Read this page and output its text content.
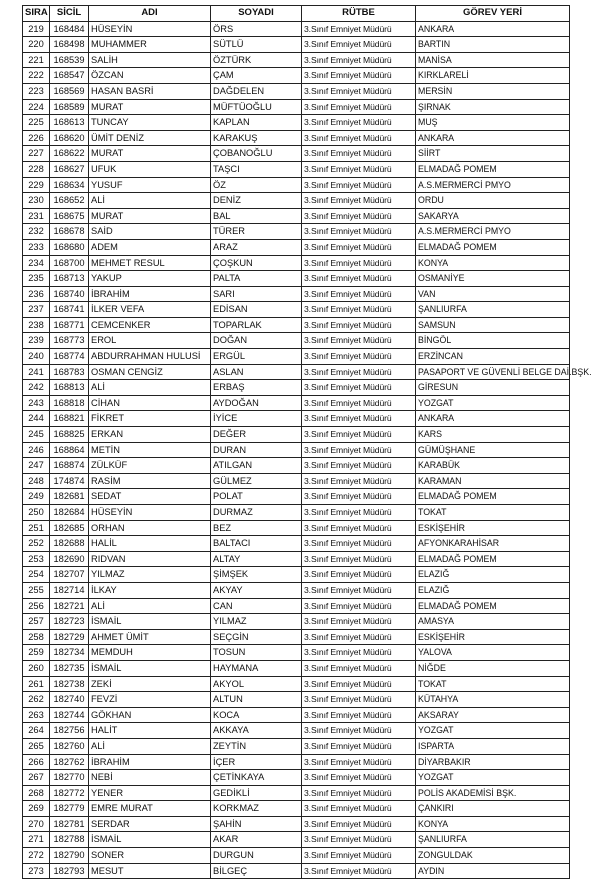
SIRA	SİCİL	ADI	SOYADI	RÜTBE	GÖREV YERİ
219	168484	HÜSEYİN	ÖRS	3.Sınıf Emniyet Müdürü	ANKARA
220	168498	MUHAMMER	SÜTLÜ	3.Sınıf Emniyet Müdürü	BARTIN
221	168539	SALİH	ÖZTÜRK	3.Sınıf Emniyet Müdürü	MANİSA
222	168547	ÖZCAN	ÇAM	3.Sınıf Emniyet Müdürü	KIRKLARELİ
223	168569	HASAN BASRİ	DAĞDELEN	3.Sınıf Emniyet Müdürü	MERSİN
224	168589	MURAT	MÜFTÜOĞLU	3.Sınıf Emniyet Müdürü	ŞIRNAK
225	168613	TUNCAY	KAPLAN	3.Sınıf Emniyet Müdürü	MUŞ
226	168620	ÜMİT DENİZ	KARAKUŞ	3.Sınıf Emniyet Müdürü	ANKARA
227	168622	MURAT	ÇOBANOĞLU	3.Sınıf Emniyet Müdürü	SİİRT
228	168627	UFUK	TAŞCI	3.Sınıf Emniyet Müdürü	ELMADAĞ POMEM
229	168634	YUSUF	ÖZ	3.Sınıf Emniyet Müdürü	A.S.MERMERCİ PMYO
230	168652	ALİ	DENİZ	3.Sınıf Emniyet Müdürü	ORDU
231	168675	MURAT	BAL	3.Sınıf Emniyet Müdürü	SAKARYA
232	168678	SAİD	TÜRER	3.Sınıf Emniyet Müdürü	A.S.MERMERCİ PMYO
233	168680	ADEM	ARAZ	3.Sınıf Emniyet Müdürü	ELMADAĞ POMEM
234	168700	MEHMET RESUL	ÇOŞKUN	3.Sınıf Emniyet Müdürü	KONYA
235	168713	YAKUP	PALTA	3.Sınıf Emniyet Müdürü	OSMANİYE
236	168740	İBRAHİM	SARI	3.Sınıf Emniyet Müdürü	VAN
237	168741	İLKER VEFA	EDİSAN	3.Sınıf Emniyet Müdürü	ŞANLIURFA
238	168771	CEMCENKER	TOPARLAK	3.Sınıf Emniyet Müdürü	SAMSUN
239	168773	EROL	DOĞAN	3.Sınıf Emniyet Müdürü	BİNGÖL
240	168774	ABDURRAHMAN HULUSİ	ERGÜL	3.Sınıf Emniyet Müdürü	ERZİNCAN
241	168783	OSMAN CENGİZ	ASLAN	3.Sınıf Emniyet Müdürü	PASAPORT VE GÜVENLİ BELGE DAİ.BŞK.
242	168813	ALİ	ERBAŞ	3.Sınıf Emniyet Müdürü	GİRESUN
243	168818	CİHAN	AYDOĞAN	3.Sınıf Emniyet Müdürü	YOZGAT
244	168821	FİKRET	İYİCE	3.Sınıf Emniyet Müdürü	ANKARA
245	168825	ERKAN	DEĞER	3.Sınıf Emniyet Müdürü	KARS
246	168864	METİN	DURAN	3.Sınıf Emniyet Müdürü	GÜMÜŞHANE
247	168874	ZÜLKÜF	ATILGAN	3.Sınıf Emniyet Müdürü	KARABÜK
248	174874	RASİM	GÜLMEZ	3.Sınıf Emniyet Müdürü	KARAMAN
249	182681	SEDAT	POLAT	3.Sınıf Emniyet Müdürü	ELMADAĞ POMEM
250	182684	HÜSEYİN	DURMAZ	3.Sınıf Emniyet Müdürü	TOKAT
251	182685	ORHAN	BEZ	3.Sınıf Emniyet Müdürü	ESKİŞEHİR
252	182688	HALİL	BALTACI	3.Sınıf Emniyet Müdürü	AFYONKARAHİSAR
253	182690	RIDVAN	ALTAY	3.Sınıf Emniyet Müdürü	ELMADAĞ POMEM
254	182707	YILMAZ	ŞİMŞEK	3.Sınıf Emniyet Müdürü	ELAZIĞ
255	182714	İLKAY	AKYAY	3.Sınıf Emniyet Müdürü	ELAZIĞ
256	182721	ALİ	CAN	3.Sınıf Emniyet Müdürü	ELMADAĞ POMEM
257	182723	İSMAİL	YILMAZ	3.Sınıf Emniyet Müdürü	AMASYA
258	182729	AHMET ÜMİT	SEÇGİN	3.Sınıf Emniyet Müdürü	ESKİŞEHİR
259	182734	MEMDUH	TOSUN	3.Sınıf Emniyet Müdürü	YALOVA
260	182735	İSMAİL	HAYMANA	3.Sınıf Emniyet Müdürü	NİĞDE
261	182738	ZEKİ	AKYOL	3.Sınıf Emniyet Müdürü	TOKAT
262	182740	FEVZİ	ALTUN	3.Sınıf Emniyet Müdürü	KÜTAHYA
263	182744	GÖKHAN	KOCA	3.Sınıf Emniyet Müdürü	AKSARAY
264	182756	HALİT	AKKAYA	3.Sınıf Emniyet Müdürü	YOZGAT
265	182760	ALİ	ZEYTİN	3.Sınıf Emniyet Müdürü	ISPARTA
266	182762	İBRAHİM	İÇER	3.Sınıf Emniyet Müdürü	DİYARBAKIR
267	182770	NEBİ	ÇETİNKAYA	3.Sınıf Emniyet Müdürü	YOZGAT
268	182772	YENER	GEDİKLİ	3.Sınıf Emniyet Müdürü	POLİS AKADEMİSİ BŞK.
269	182779	EMRE MURAT	KORKMAZ	3.Sınıf Emniyet Müdürü	ÇANKIRI
270	182781	SERDAR	ŞAHİN	3.Sınıf Emniyet Müdürü	KONYA
271	182788	İSMAİL	AKAR	3.Sınıf Emniyet Müdürü	ŞANLIURFA
272	182790	SONER	DURGUN	3.Sınıf Emniyet Müdürü	ZONGULDAK
273	182793	MESUT	BİLGEÇ	3.Sınıf Emniyet Müdürü	AYDIN
